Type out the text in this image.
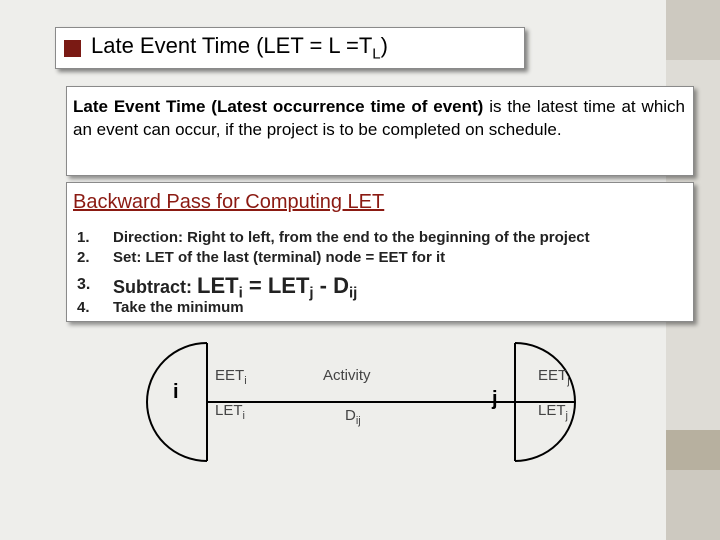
Late Event Time $(LET = L =T_L)$
Late Event Time (Latest occurrence time of event) is the latest time at which an event can occur, if the project is to be completed on schedule.
Backward Pass for Computing LET
1. Direction: Right to left, from the end to the beginning of the project
2. Set: LET of the last (terminal) node = EET for it
3. Subtract: $LET_i = LET_j - D_{ij}$
4. Take the minimum
i
$EET_i$
$LET_i$
Activity
$D_{ij}$
j
$EET_j$
$LET_j$
